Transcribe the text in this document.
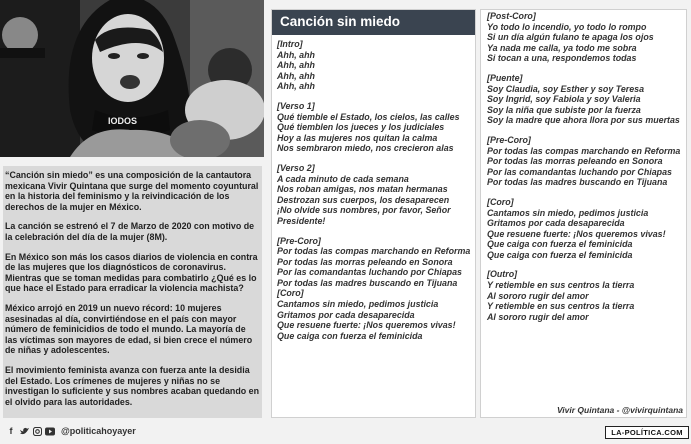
IODOS

“Canción sin miedo” es una composición de la cantautora mexicana Vivir Quintana que surge del momento coyuntural en la historia del feminismo y la reivindicación de los derechos de la mujer en México.

La canción se estrenó el 7 de Marzo de 2020 con motivo de la celebración del día de la mujer (8M).

En México son más los casos diarios de violencia en contra de las mujeres que los diagnósticos de coronavirus. Mientras que se toman medidas para combatirlo ¿Qué es lo que hace el Estado para erradicar la violencia machista?

México arrojó en 2019 un nuevo récord: 10 mujeres asesinadas al día, convirtiéndose en el país con mayor número de feminicidios de todo el mundo. La mayoría de las víctimas son mayores de edad, si bien crece el número de niñas y adolescentes.

El movimiento feminista avanza con fuerza ante la desidia del Estado. Los crímenes de mujeres y niñas no se investigan lo suficiente y sus nombres acaban quedando en el olvido para las autoridades.

Canción sin miedo
[Intro]
Ahh, ahh
Ahh, ahh
Ahh, ahh
Ahh, ahh
[Verso 1]
Qué tiemble el Estado, los cielos, las calles
Qué tiemblen los jueces y los judiciales
Hoy a las mujeres nos quitan la calma
Nos sembraron miedo, nos crecieron alas
[Verso 2]
A cada minuto de cada semana
Nos roban amigas, nos matan hermanas
Destrozan sus cuerpos, los desaparecen
¡No olvide sus nombres, por favor, Señor Presidente!
[Pre-Coro]
Por todas las compas marchando en Reforma
Por todas las morras peleando en Sonora
Por las comandantas luchando por Chiapas
Por todas las madres buscando en Tijuana
[Coro]
Cantamos sin miedo, pedimos justicia
Gritamos por cada desaparecida
Que resuene fuerte: ¡Nos queremos vivas!
Que caiga con fuerza el feminicida
[Post-Coro]
Yo todo lo incendio, yo todo lo rompo
Si un día algún fulano te apaga los ojos
Ya nada me calla, ya todo me sobra
Si tocan a una, respondemos todas
[Puente]
Soy Claudia, soy Esther y soy Teresa
Soy Ingrid, soy Fabiola y soy Valeria
Soy la niña que subiste por la fuerza
Soy la madre que ahora llora por sus muertas
[Pre-Coro]
Por todas las compas marchando en Reforma
Por todas las morras peleando en Sonora
Por las comandantas luchando por Chiapas
Por todas las madres buscando en Tijuana
[Coro]
Cantamos sin miedo, pedimos justicia
Gritamos por cada desaparecida
Que resuene fuerte: ¡Nos queremos vivas!
Que caiga con fuerza el feminicida
Que caiga con fuerza el feminicida
[Outro]
Y retiemble en sus centros la tierra
Al sororo rugir del amor
Y retiemble en sus centros la tierra
Al sororo rugir del amor
Vivir Quintana - @vivirquintana
f	@politicahoyayer	LA-POLÍTICA.COM
